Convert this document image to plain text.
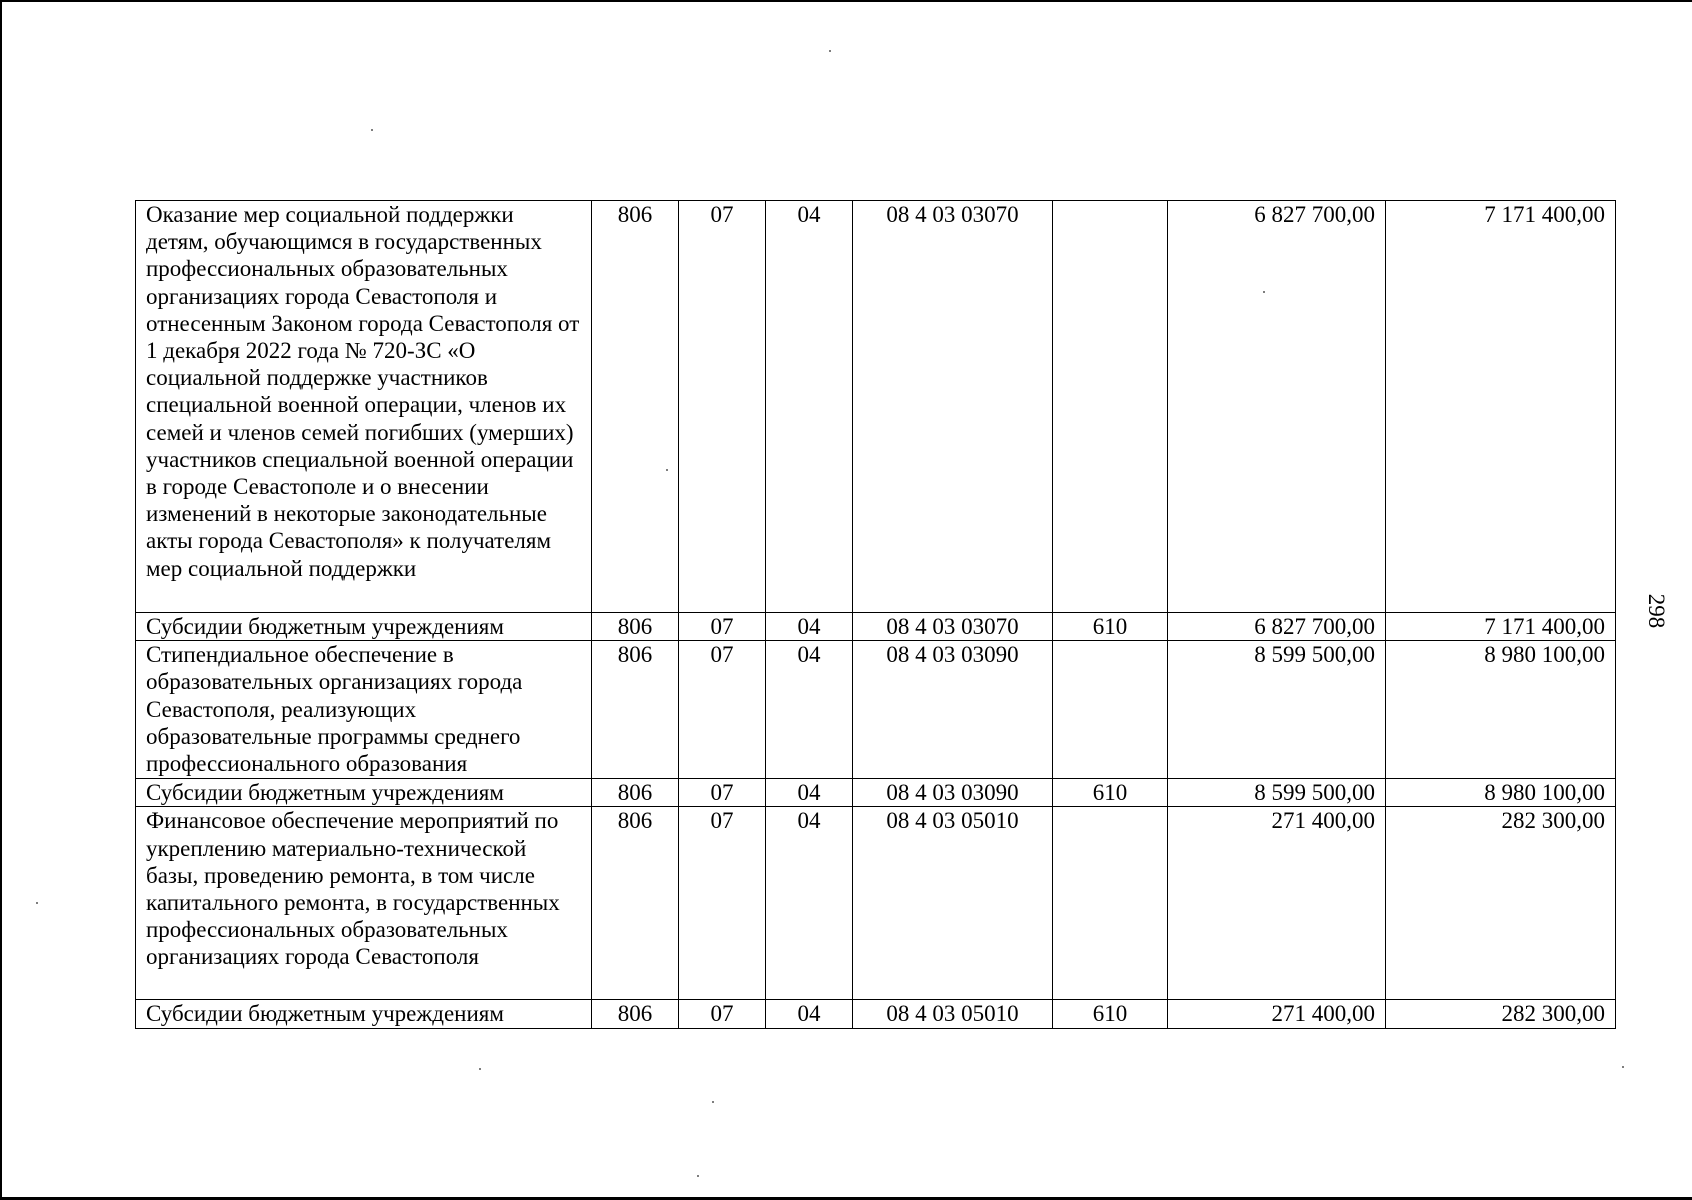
298
Оказание мер социальной поддержки детям, обучающимся в государственных профессиональных образовательных организациях города Севастополя и отнесенным Законом города Севастополя от 1 декабря 2022 года № 720-ЗС «О социальной поддержке участников специальной военной операции, членов их семей и членов семей погибших (умерших) участников специальной военной операции в городе Севастополе и о внесении изменений в некоторые законодательные акты города Севастополя» к получателям мер социальной поддержки	806	07	04	08 4 03 03070		6 827 700,00	7 171 400,00
Субсидии бюджетным учреждениям	806	07	04	08 4 03 03070	610	6 827 700,00	7 171 400,00
Стипендиальное обеспечение в образовательных организациях города Севастополя, реализующих образовательные программы среднего профессионального образования	806	07	04	08 4 03 03090		8 599 500,00	8 980 100,00
Субсидии бюджетным учреждениям	806	07	04	08 4 03 03090	610	8 599 500,00	8 980 100,00
Финансовое обеспечение мероприятий по укреплению материально-технической базы, проведению ремонта, в том числе капитального ремонта, в государственных профессиональных образовательных организациях города Севастополя	806	07	04	08 4 03 05010		271 400,00	282 300,00
Субсидии бюджетным учреждениям	806	07	04	08 4 03 05010	610	271 400,00	282 300,00
